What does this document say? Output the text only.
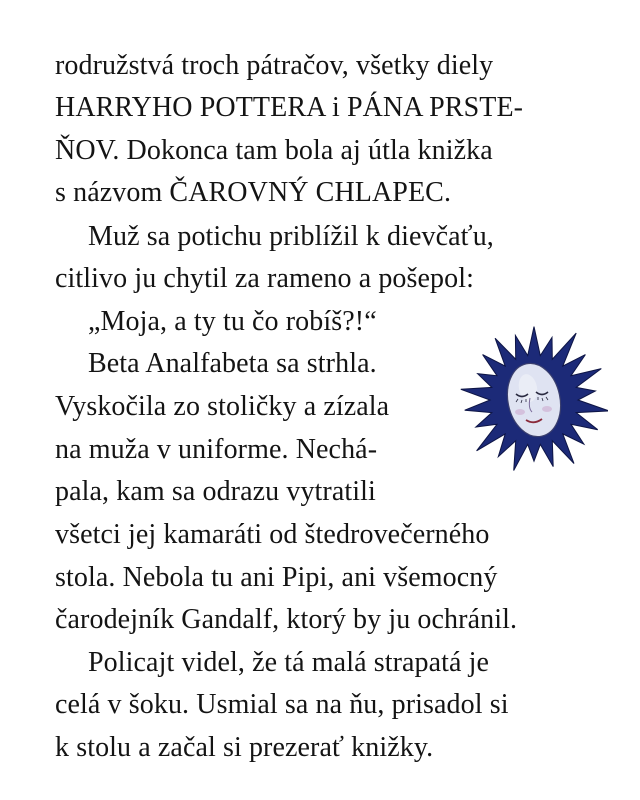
rodružstvá troch pátračov, všetky diely
HARRYHO POTTERA i PÁNA PRSTE-
ŇOV. Dokonca tam bola aj útla knižka
s názvom ČAROVNÝ CHLAPEC.
Muž sa potichu priblížil k dievčaťu,
citlivo ju chytil za rameno a pošepol:
„Moja, a ty tu čo robíš?!“
Beta Analfabeta sa strhla.
Vyskočila zo stoličky a zízala
na muža v uniforme. Nechá-
pala, kam sa odrazu vytratili
všetci jej kamaráti od štedrovečerného
stola. Nebola tu ani Pipi, ani všemocný
čarodejník Gandalf, ktorý by ju ochránil.
Policajt videl, že tá malá strapatá je
celá v šoku. Usmial sa na ňu, prisadol si
k stolu a začal si prezerať knižky.
